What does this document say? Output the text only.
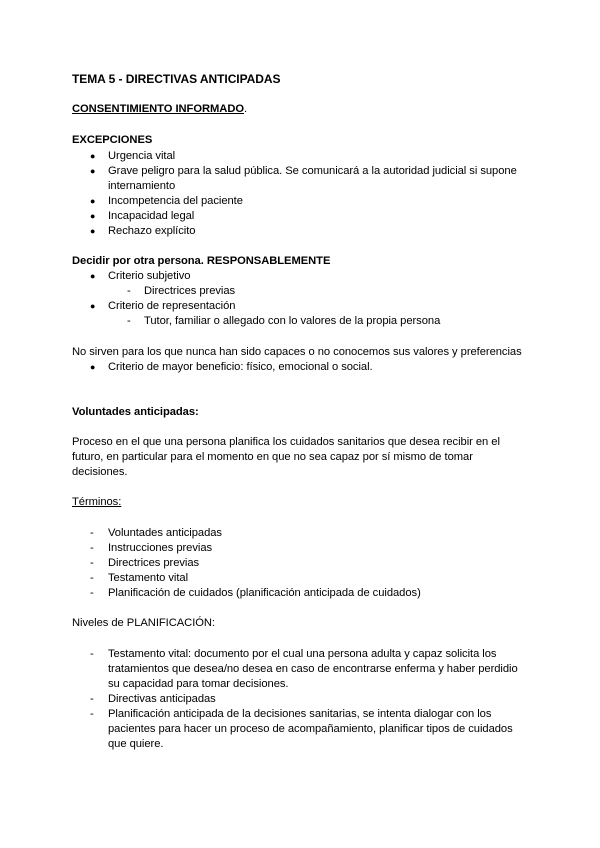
TEMA 5 - DIRECTIVAS ANTICIPADAS
CONSENTIMIENTO INFORMADO.
EXCEPCIONES
● Urgencia vital
● Grave peligro para la salud pública. Se comunicará a la autoridad judicial si supone
internamiento
● Incompetencia del paciente
● Incapacidad legal
● Rechazo explícito
Decidir por otra persona. RESPONSABLEMENTE
● Criterio subjetivo
- Directrices previas
● Criterio de representación
- Tutor, familiar o allegado con lo valores de la propia persona
No sirven para los que nunca han sido capaces o no conocemos sus valores y preferencias
● Criterio de mayor beneficio: físico, emocional o social.
Voluntades anticipadas:
Proceso en el que una persona planifica los cuidados sanitarios que desea recibir en el
futuro, en particular para el momento en que no sea capaz por sí mismo de tomar
decisiones.
Términos:
- Voluntades anticipadas
- Instrucciones previas
- Directrices previas
- Testamento vital
- Planificación de cuidados (planificación anticipada de cuidados)
Niveles de PLANIFICACIÓN:
- Testamento vital: documento por el cual una persona adulta y capaz solicita los
tratamientos que desea/no desea en caso de encontrarse enferma y haber perdidio
su capacidad para tomar decisiones.
- Directivas anticipadas
- Planificación anticipada de la decisiones sanitarias, se intenta dialogar con los
pacientes para hacer un proceso de acompañamiento, planificar tipos de cuidados
que quiere.
